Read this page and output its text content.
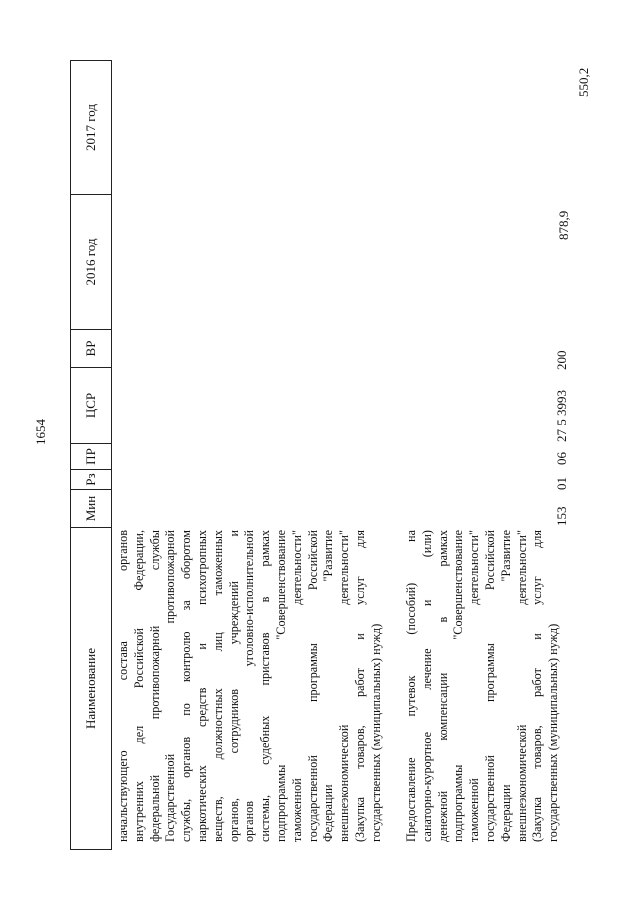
1654
Наименование
Мин
Рз
ПР
ЦСР
ВР
2016 год
2017 год
начальствующего состава органов внутренних дел Российской Федерации, федеральной противопожарной службы Государственной противопожарной службы, органов по контролю за оборотом наркотических средств и психотропных веществ, должностных лиц таможенных органов, сотрудников учреждений и органов уголовно-исполнительной системы, судебных приставов в рамках подпрограммы "Совершенствование таможенной деятельности" государственной программы Российской Федерации "Развитие внешнеэкономической деятельности" (Закупка товаров, работ и услуг для государственных (муниципальных) нужд) Предоставление путевок (пособий) на санаторно-курортное лечение и (или) денежной компенсации в рамках подпрограммы "Совершенствование таможенной деятельности" государственной программы Российской Федерации "Развитие внешнеэкономической деятельности" (Закупка товаров, работ и услуг для государственных (муниципальных) нужд)
153
01
06
27 5 3993
200
878,9
550,2
